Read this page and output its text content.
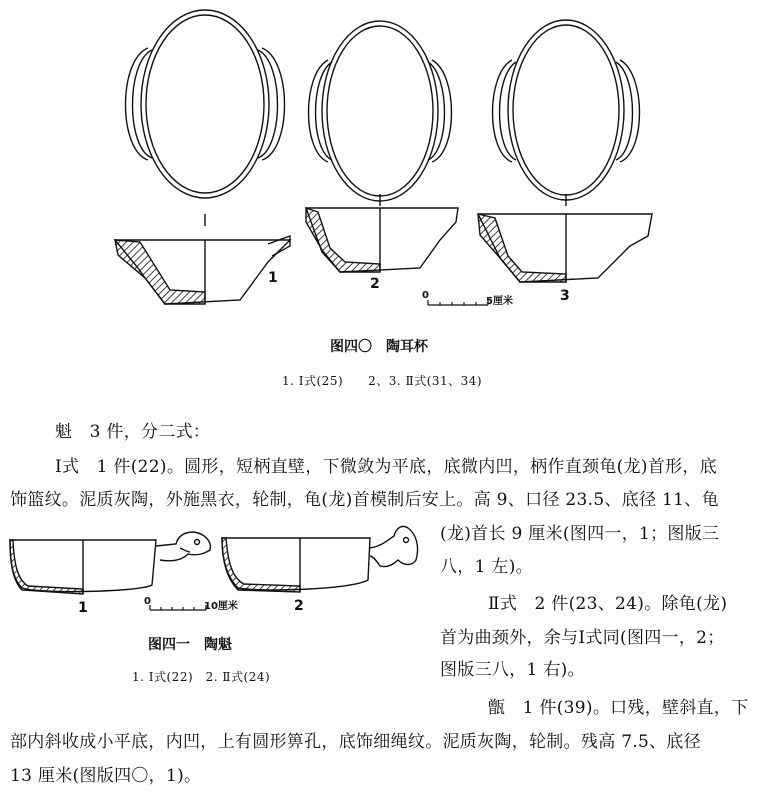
1	2
3
0
5厘米
图四〇　陶耳杯
1. Ⅰ式(25)　　2、3. Ⅱ式(31、34)
魁　3 件，分二式：
Ⅰ式　1 件(22)。圆形，短柄直壁，下微敛为平底，底微内凹，柄作直颈龟(龙)首形，底
饰篮纹。泥质灰陶，外施黑衣，轮制，龟(龙)首模制后安上。高 9、口径 23.5、底径 11、龟
(龙)首长 9 厘米(图四一，1；图版三
八，1 左)。
Ⅱ式　2 件(23、24)。除龟(龙)
首为曲颈外，余与Ⅰ式同(图四一，2；
图版三八，1 右)。
甑　1 件(39)。口残，壁斜直，下
部内斜收成小平底，内凹，上有圆形箅孔，底饰细绳纹。泥质灰陶，轮制。残高 7.5、底径
13 厘米(图版四〇，1)。
1	2
0	10厘米
图四一　陶魁
1. Ⅰ式(22)　2. Ⅱ式(24)
